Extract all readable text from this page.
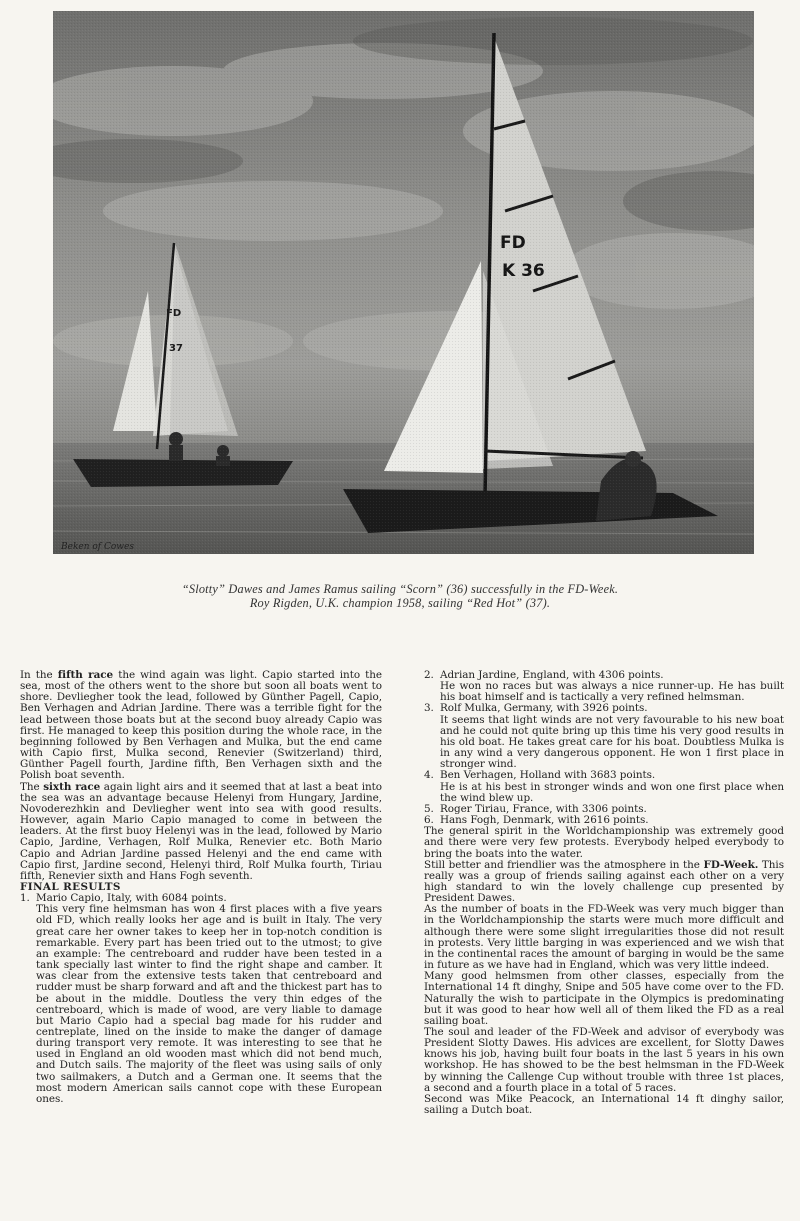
“Slotty” Dawes and James Ramus sailing “Scorn” (36) successfully in the FD-Week.
Roy Rigden, U.K. champion 1958, sailing “Red Hot” (37).

In the fifth race the wind again was light. Capio started into the sea, most of the others went to the shore but soon all boats went to shore. Devliegher took the lead, followed by Günther Pagell, Capio, Ben Verhagen and Adrian Jardine. There was a terrible fight for the lead between those boats but at the second buoy already Capio was first. He managed to keep this position during the whole race, in the beginning followed by Ben Verhagen and Mulka, but the end came with Capio first, Mulka second, Renevier (Switzerland) third, Günther Pagell fourth, Jardine fifth, Ben Verhagen sixth and the Polish boat seventh.

The sixth race again light airs and it seemed that at last a beat into the sea was an advantage because Helenyi from Hungary, Jardine, Novoderezhkin and Devliegher went into sea with good results. However, again Mario Capio managed to come in between the leaders. At the first buoy Helenyi was in the lead, followed by Mario Capio, Jardine, Verhagen, Rolf Mulka, Renevier etc. Both Mario Capio and Adrian Jardine passed Helenyi and the end came with Capio first, Jardine second, Helenyi third, Rolf Mulka fourth, Tiriau fifth, Renevier sixth and Hans Fogh seventh.

FINAL RESULTS

1. Mario Capio, Italy, with 6084 points.
This very fine helmsman has won 4 first places with a five years old FD, which really looks her age and is built in Italy. The very great care her owner takes to keep her in top-notch condition is remarkable. Every part has been tried out to the utmost; to give an example: The centreboard and rudder have been tested in a tank specially last winter to find the right shape and camber. It was clear from the extensive tests taken that centreboard and rudder must be sharp forward and aft and the thickest part has to be about in the middle. Doutless the very thin edges of the centreboard, which is made of wood, are very liable to damage but Mario Capio had a special bag made for his rudder and centreplate, lined on the inside to make the danger of damage during transport very remote. It was interesting to see that he used in England an old wooden mast which did not bend much, and Dutch sails. The majority of the fleet was using sails of only two sailmakers, a Dutch and a German one. It seems that the most modern American sails cannot cope with these European ones.
2. Adrian Jardine, England, with 4306 points.
He won no races but was always a nice runner-up. He has built his boat himself and is tactically a very refined helmsman.
3. Rolf Mulka, Germany, with 3926 points.
It seems that light winds are not very favourable to his new boat and he could not quite bring up this time his very good results in his old boat. He takes great care for his boat. Doubtless Mulka is in any wind a very dangerous opponent. He won 1 first place in stronger wind.
4. Ben Verhagen, Holland with 3683 points.
He is at his best in stronger winds and won one first place when the wind blew up.
5. Roger Tiriau, France, with 3306 points.
6. Hans Fogh, Denmark, with 2616 points.

The general spirit in the Worldchampionship was extremely good and there were very few protests. Everybody helped everybody to bring the boats into the water.

Still better and friendlier was the atmosphere in the FD-Week. This really was a group of friends sailing against each other on a very high standard to win the lovely challenge cup presented by President Dawes.

As the number of boats in the FD-Week was very much bigger than in the Worldchampionship the starts were much more difficult and although there were some slight irregularities those did not result in protests. Very little barging in was experienced and we wish that in the continental races the amount of barging in would be the same in future as we have had in England, which was very little indeed.

Many good helmsmen from other classes, especially from the International 14 ft dinghy, Snipe and 505 have come over to the FD. Naturally the wish to participate in the Olympics is predominating but it was good to hear how well all of them liked the FD as a real sailing boat.

The soul and leader of the FD-Week and advisor of everybody was President Slotty Dawes. His advices are excellent, for Slotty Dawes knows his job, having built four boats in the last 5 years in his own workshop. He has showed to be the best helmsman in the FD-Week by winning the Callenge Cup without trouble with three 1st places, a second and a fourth place in a total of 5 races.

Second was Mike Peacock, an International 14 ft dinghy sailor, sailing a Dutch boat.
